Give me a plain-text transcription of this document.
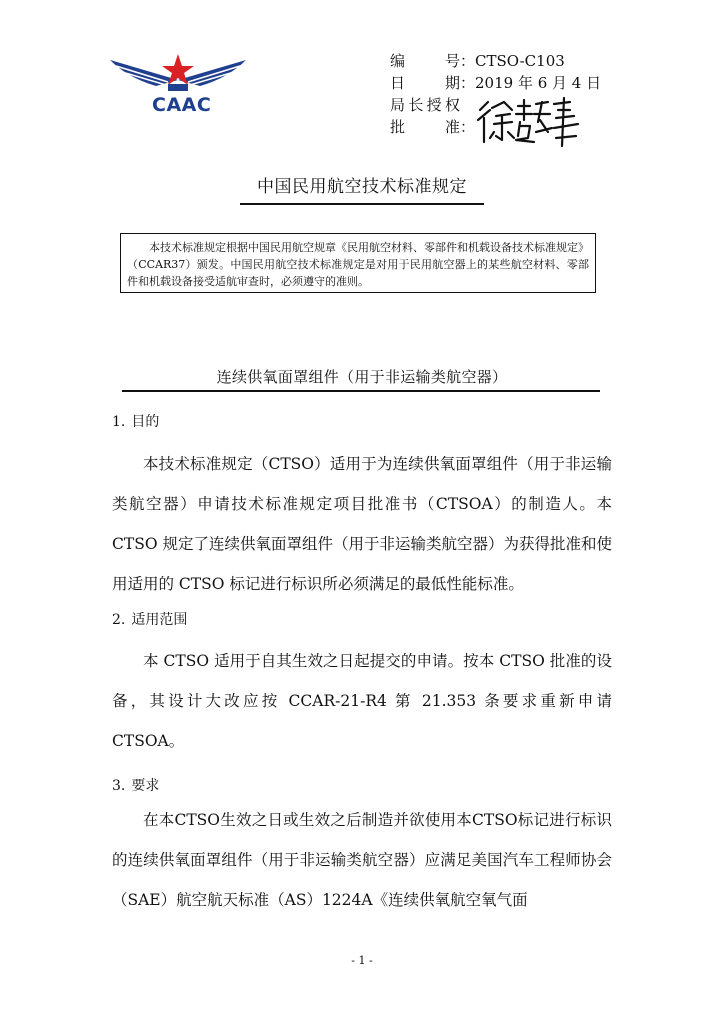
CAAC
编　号 ：CTSO-C103
日　期 ：2019 年 6 月 4 日
局长授权
批　准 ：
中国民用航空技术标准规定
本技术标准规定根据中国民用航空规章《民用航空材料、零部件和机载设备技术标准规定》（CCAR37）颁发。中国民用航空技术标准规定是对用于民用航空器上的某些航空材料、零部件和机载设备接受适航审查时，必须遵守的准则。
连续供氧面罩组件（用于非运输类航空器）
1. 目的

本技术标准规定（CTSO）适用于为连续供氧面罩组件（用于非运输类航空器）申请技术标准规定项目批准书（CTSOA）的制造人。本 CTSO 规定了连续供氧面罩组件（用于非运输类航空器）为获得批准和使用适用的 CTSO 标记进行标识所必须满足的最低性能标准。

2. 适用范围

本 CTSO 适用于自其生效之日起提交的申请。按本 CTSO 批准的设备，其设计大改应按 CCAR-21-R4 第 21.353 条要求重新申请 CTSOA。

3. 要求

在本CTSO生效之日或生效之后制造并欲使用本CTSO标记进行标识的连续供氧面罩组件（用于非运输类航空器）应满足美国汽车工程师协会（SAE）航空航天标准（AS）1224A《连续供氧航空氧气面

- 1 -
